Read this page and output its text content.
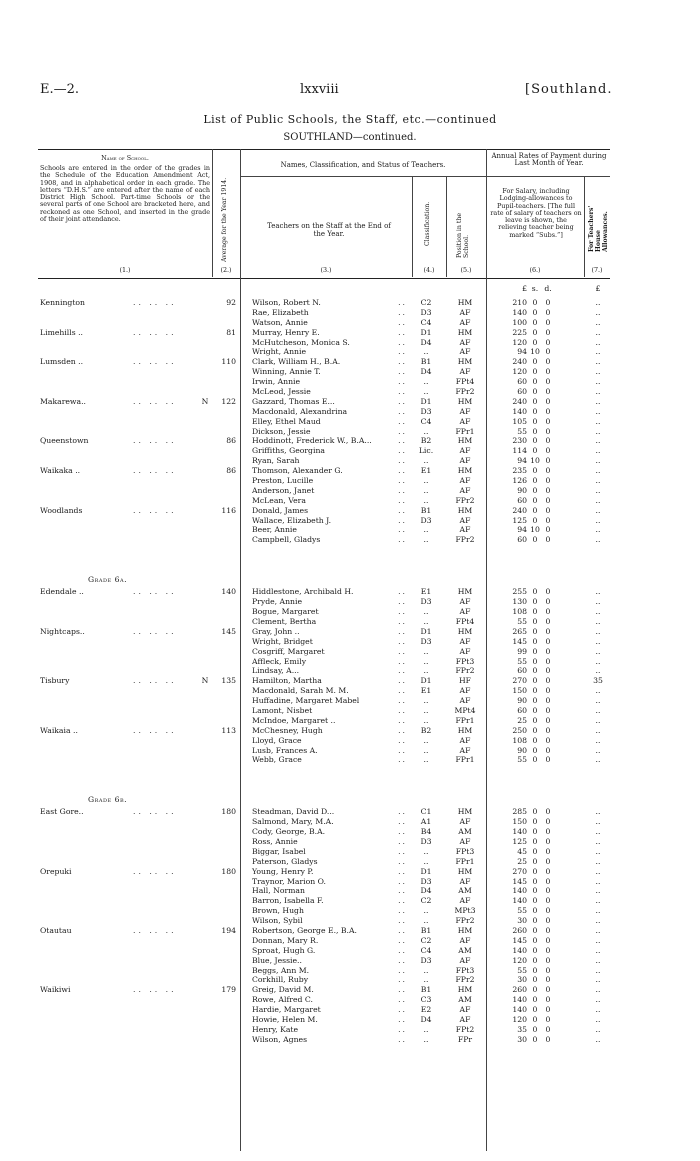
E.—2.	lxxviii	[Southland.
List of Public Schools, the Staff, etc.—continued
SOUTHLAND—continued.
Name of School.
Schools are entered in the order of the grades in the Schedule of the Education Amendment Act, 1908, and in alphabetical order in each grade. The letters “D.H.S.” are entered after the name of each District High School. Part-time Schools or the several parts of one School are bracketed here, and reckoned as one School, and inserted in the grade of their joint attendance.
(1.)
Average for the Year 1914.
(2.)
Names, Classification, and Status of Teachers.
Teachers on the Staff at the End of the Year.
(3.)
Classification.
(4.)
Position in the School.
(5.)
Annual Rates of Payment during Last Month of Year.
For Salary, including Lodging-allowances to Pupil-teachers. [The full rate of salary of teachers on leave is shown, the relieving teacher being marked “Subs.”]
(6.)
For Teachers' House Allowances.
(7.)
£ s. d.	£
Kennington	.. .. ..	92 Wilson, Robert N.	..	C2	HM	210 0	0	..
Rae, Elizabeth	..	D3	AF	140 0	0	..
Watson, Annie	..	C4	AF	100 0	0	..
Limehills ..	.. .. ..	81 Murray, Henry E.	..	D1	HM	225 0	0	..
McHutcheson, Monica S.	..	D4	AF	120 0	0	..
Wright, Annie	..	..	AF	94 10 0	..
Lumsden ..	.. .. ..	110 Clark, William H., B.A.	..	B1	HM	240 0	0	..
Winning, Annie T.	..	D4	AF	120 0	0	..
Irwin, Annie	..	..	FPt4	60 0	0	..
McLeod, Jessie	..	..	FPr2	60 0	0	..
Makarewa..	.. .. ..	N	122 Gazzard, Thomas E...	..	D1	HM	240 0	0	..
Macdonald, Alexandrina	..	D3	AF	140 0	0	..
Elley, Ethel Maud	..	C4	AF	105 0	0	..
Dickson, Jessie	..	..	FPr1	55 0	0	..
Queenstown	.. .. ..	86 Hoddinott, Frederick W., B.A...	..	B2	HM	230 0	0	..
Griffiths, Georgina	..	Lic.	AF	114 0	0	..
Ryan, Sarah	..	..	AF	94 10 0	..
Waikaka ..	.. .. ..	86 Thomson, Alexander G.	..	E1	HM	235 0	0	..
Preston, Lucille	..	..	AF	126 0	0	..
Anderson, Janet	..	..	AF	90 0	0	..
McLean, Vera	..	..	FPr2	60 0	0	..
Woodlands	.. .. ..	116 Donald, James	..	B1	HM	240 0	0	..
Wallace, Elizabeth J.	..	D3	AF	125 0	0	..
Beer, Annie	..	..	AF	94 10 0	..
Campbell, Gladys	..	..	FPr2	60 0	0	..
Grade 6a.
Edendale ..	.. .. ..	140 Hiddlestone, Archibald H.	..	E1	HM	255 0	0	..
Pryde, Annie	..	D3	AF	130 0	0	..
Bogue, Margaret	..	..	AF	108 0	0	..
Clement, Bertha	..	..	FPt4	55 0	0	..
Nightcaps..	.. .. ..	145 Gray, John ..	..	D1	HM	265 0	0	..
Wright, Bridget	..	D3	AF	145 0	0	..
Cosgriff, Margaret	..	..	AF	99 0	0	..
Affleck, Emily	..	..	FPt3	55 0	0	..
Lindsay, A...	..	..	FPr2	60 0	0	..
Tisbury	.. .. ..	N	135 Hamilton, Martha	..	D1	HF	270 0	0	35
Macdonald, Sarah M. M.	..	E1	AF	150 0	0	..
Huffadine, Margaret Mabel	..	..	AF	90 0	0	..
Lamont, Nisbet	..	..	MPt4	60 0	0	..
McIndoe, Margaret ..	..	..	FPr1	25 0	0	..
Waikaia ..	.. .. ..	113 McChesney, Hugh	..	B2	HM	250 0	0	..
Lloyd, Grace	..	..	AF	108 0	0	..
Lusb, Frances A.	..	..	AF	90 0	0	..
Webb, Grace	..	..	FPr1	55 0	0	..
Grade 6b.
East Gore..	.. .. ..	180 Steadman, David D...	..	C1	HM	285 0	0	..
Salmond, Mary, M.A.	..	A1	AF	150 0	0	..
Cody, George, B.A.	..	B4	AM	140 0	0	..
Ross, Annie	..	D3	AF	125 0	0	..
Biggar, Isabel	..	..	FPt3	45 0	0	..
Paterson, Gladys	..	..	FPr1	25 0	0	..
Orepuki	.. .. ..	180 Young, Henry P.	..	D1	HM	270 0	0	..
Traynor, Marion O.	..	D3	AF	145 0	0	..
Hall, Norman	..	D4	AM	140 0	0	..
Barron, Isabella F.	..	C2	AF	140 0	0	..
Brown, Hugh	..	..	MPt3	55 0	0	..
Wilson, Sybil	..	..	FPr2	30 0	0	..
Otautau	.. .. ..	194 Robertson, George E., B.A.	..	B1	HM	260 0	0	..
Donnan, Mary R.	..	C2	AF	145 0	0	..
Sproat, Hugh G.	..	C4	AM	140 0	0	..
Blue, Jessie..	..	D3	AF	120 0	0	..
Beggs, Ann M.	..	..	FPt3	55 0	0	..
Corkhill, Ruby	..	..	FPr2	30 0	0	..
Waikiwi	.. .. ..	179 Greig, David M.	..	B1	HM	260 0	0	..
Rowe, Alfred C.	..	C3	AM	140 0	0	..
Hardie, Margaret	..	E2	AF	140 0	0	..
Howie, Helen M.	..	D4	AF	120 0	0	..
Henry, Kate	..	..	FPt2	35 0	0	..
Wilson, Agnes	..	..	FPr	30 0	0	..
